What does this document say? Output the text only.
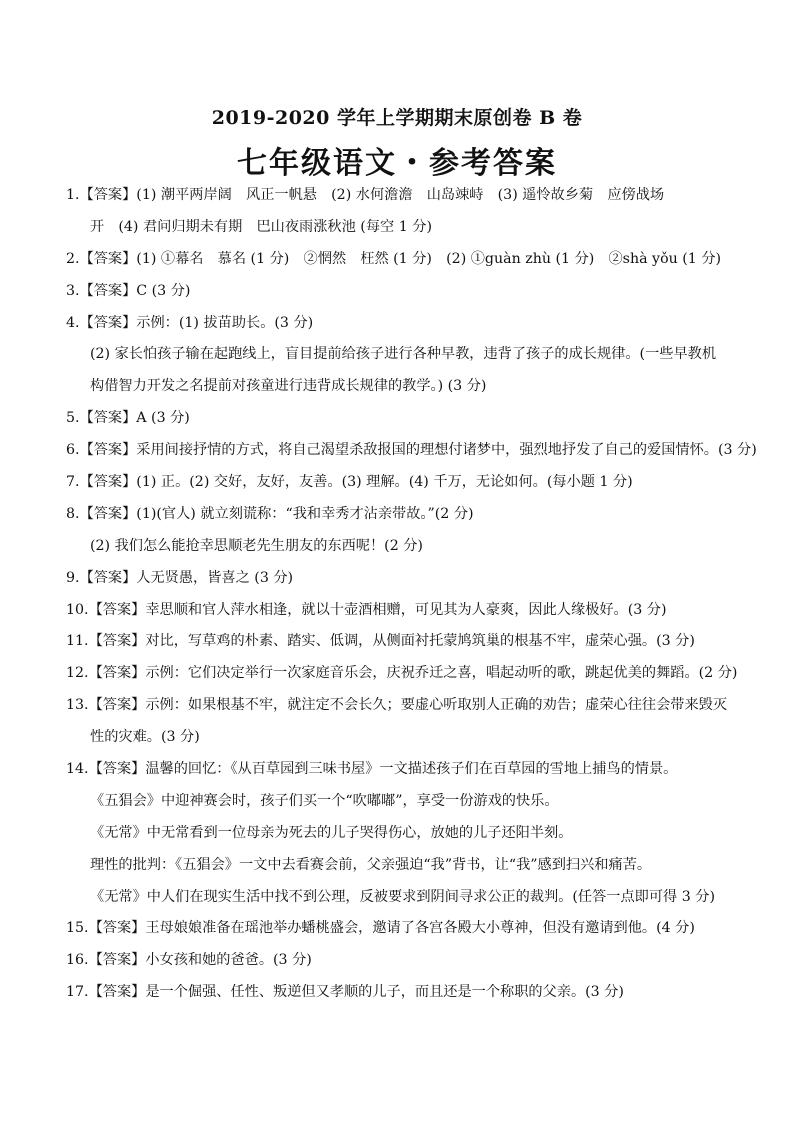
2019-2020 学年上学期期末原创卷 B 卷
七年级语文・参考答案
1.【答案】(1) 潮平两岸阔　风正一帆悬　(2) 水何澹澹　山岛竦峙　(3) 遥怜故乡菊　应傍战场
开　(4) 君问归期未有期　巴山夜雨涨秋池 (每空 1 分)
2.【答案】(1) ①幕名　慕名 (1 分)　②惘然　枉然 (1 分)　(2) ①guàn zhù (1 分)　②shà yǒu (1 分)
3.【答案】C (3 分)
4.【答案】示例：(1) 拔苗助长。(3 分)
(2) 家长怕孩子输在起跑线上，盲目提前给孩子进行各种早教，违背了孩子的成长规律。(一些早教机
构借智力开发之名提前对孩童进行违背成长规律的教学。) (3 分)
5.【答案】A (3 分)
6.【答案】采用间接抒情的方式，将自己渴望杀敌报国的理想付诸梦中，强烈地抒发了自己的爱国情怀。(3 分)
7.【答案】(1) 正。(2) 交好，友好，友善。(3) 理解。(4) 千万，无论如何。(每小题 1 分)
8.【答案】(1)(官人) 就立刻谎称：“我和幸秀才沾亲带故。”(2 分)
(2) 我们怎么能抢幸思顺老先生朋友的东西呢！(2 分)
9.【答案】人无贤愚，皆喜之 (3 分)
10.【答案】幸思顺和官人萍水相逢，就以十壶酒相赠，可见其为人豪爽，因此人缘极好。(3 分)
11.【答案】对比，写草鸡的朴素、踏实、低调，从侧面衬托蒙鸠筑巢的根基不牢，虚荣心强。(3 分)
12.【答案】示例：它们决定举行一次家庭音乐会，庆祝乔迁之喜，唱起动听的歌，跳起优美的舞蹈。(2 分)
13.【答案】示例：如果根基不牢，就注定不会长久；要虚心听取别人正确的劝告；虚荣心往往会带来毁灭
性的灾难。(3 分)
14.【答案】温馨的回忆：《从百草园到三味书屋》一文描述孩子们在百草园的雪地上捕鸟的情景。
《五猖会》中迎神赛会时，孩子们买一个“吹嘟嘟”，享受一份游戏的快乐。
《无常》中无常看到一位母亲为死去的儿子哭得伤心，放她的儿子还阳半刻。
理性的批判：《五猖会》一文中去看赛会前，父亲强迫“我”背书，让“我”感到扫兴和痛苦。
《无常》中人们在现实生活中找不到公理，反被要求到阴间寻求公正的裁判。(任答一点即可得 3 分)
15.【答案】王母娘娘准备在瑶池举办蟠桃盛会，邀请了各宫各殿大小尊神，但没有邀请到他。(4 分)
16.【答案】小女孩和她的爸爸。(3 分)
17.【答案】是一个倔强、任性、叛逆但又孝顺的儿子，而且还是一个称职的父亲。(3 分)
